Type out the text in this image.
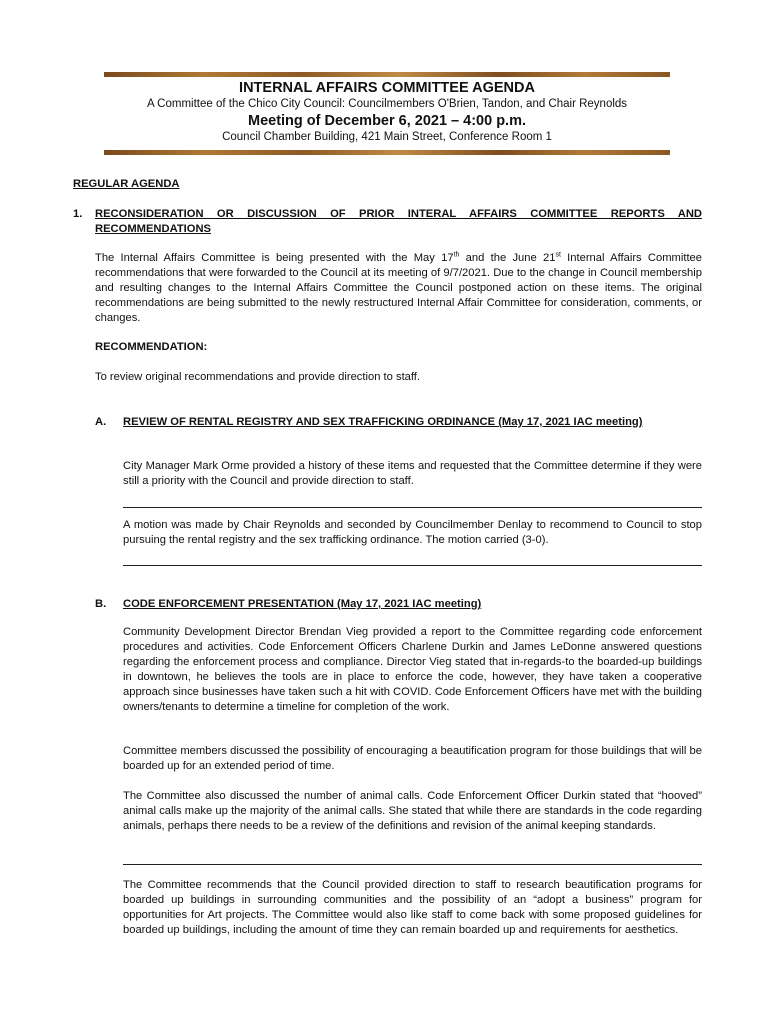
INTERNAL AFFAIRS COMMITTEE AGENDA
A Committee of the Chico City Council: Councilmembers O'Brien, Tandon, and Chair Reynolds
Meeting of December 6, 2021 – 4:00 p.m.
Council Chamber Building, 421 Main Street, Conference Room 1
REGULAR AGENDA
1. RECONSIDERATION OR DISCUSSION OF PRIOR INTERAL AFFAIRS COMMITTEE REPORTS AND RECOMMENDATIONS
The Internal Affairs Committee is being presented with the May 17th and the June 21st Internal Affairs Committee recommendations that were forwarded to the Council at its meeting of 9/7/2021. Due to the change in Council membership and resulting changes to the Internal Affairs Committee the Council postponed action on these items. The original recommendations are being submitted to the newly restructured Internal Affair Committee for consideration, comments, or changes.
RECOMMENDATION:
To review original recommendations and provide direction to staff.
A. REVIEW OF RENTAL REGISTRY AND SEX TRAFFICKING ORDINANCE (May 17, 2021 IAC meeting)
City Manager Mark Orme provided a history of these items and requested that the Committee determine if they were still a priority with the Council and provide direction to staff.
A motion was made by Chair Reynolds and seconded by Councilmember Denlay to recommend to Council to stop pursuing the rental registry and the sex trafficking ordinance. The motion carried (3-0).
B. CODE ENFORCEMENT PRESENTATION (May 17, 2021 IAC meeting)
Community Development Director Brendan Vieg provided a report to the Committee regarding code enforcement procedures and activities. Code Enforcement Officers Charlene Durkin and James LeDonne answered questions regarding the enforcement process and compliance. Director Vieg stated that in-regards-to the boarded-up buildings in downtown, he believes the tools are in place to enforce the code, however, they have taken a cooperative approach since businesses have taken such a hit with COVID. Code Enforcement Officers have met with the building owners/tenants to determine a timeline for completion of the work.
Committee members discussed the possibility of encouraging a beautification program for those buildings that will be boarded up for an extended period of time.
The Committee also discussed the number of animal calls. Code Enforcement Officer Durkin stated that “hooved” animal calls make up the majority of the animal calls. She stated that while there are standards in the code regarding animals, perhaps there needs to be a review of the definitions and revision of the animal keeping standards.
The Committee recommends that the Council provided direction to staff to research beautification programs for boarded up buildings in surrounding communities and the possibility of an “adopt a business” program for opportunities for Art projects. The Committee would also like staff to come back with some proposed guidelines for boarded up buildings, including the amount of time they can remain boarded up and requirements for aesthetics.
